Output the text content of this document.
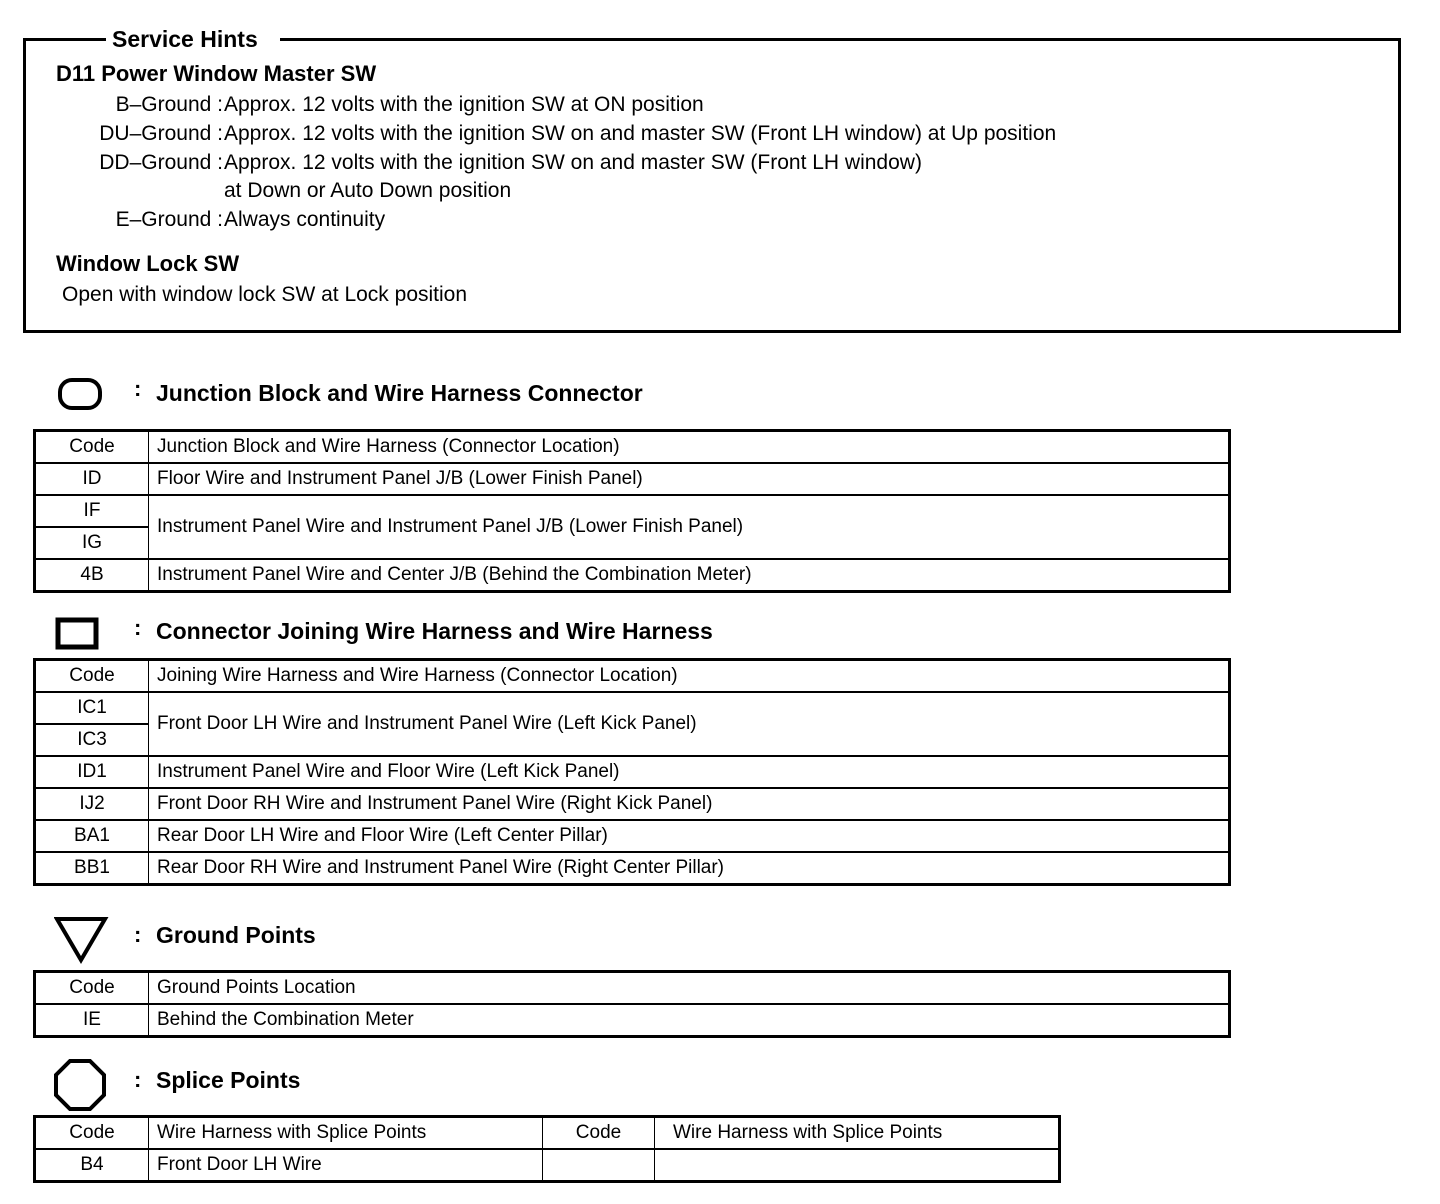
Service Hints
D11 Power Window Master SW
B–Ground : Approx. 12 volts with the ignition SW at ON position
DU–Ground : Approx. 12 volts with the ignition SW on and master SW (Front LH window) at Up position
DD–Ground : Approx. 12 volts with the ignition SW on and master SW (Front LH window)
at Down or Auto Down position
E–Ground : Always continuity
Window Lock SW
Open with window lock SW at Lock position
: Junction Block and Wire Harness Connector
Code	Junction Block and Wire Harness (Connector Location)
ID	Floor Wire and Instrument Panel J/B (Lower Finish Panel)
IF	Instrument Panel Wire and Instrument Panel J/B (Lower Finish Panel)
IG	
4B	Instrument Panel Wire and Center J/B (Behind the Combination Meter)
: Connector Joining Wire Harness and Wire Harness
Code	Joining Wire Harness and Wire Harness (Connector Location)
IC1	Front Door LH Wire and Instrument Panel Wire (Left Kick Panel)
IC3	
ID1	Instrument Panel Wire and Floor Wire (Left Kick Panel)
IJ2	Front Door RH Wire and Instrument Panel Wire (Right Kick Panel)
BA1	Rear Door LH Wire and Floor Wire (Left Center Pillar)
BB1	Rear Door RH Wire and Instrument Panel Wire (Right Center Pillar)
: Ground Points
Code	Ground Points Location
IE	Behind the Combination Meter
: Splice Points
Code	Wire Harness with Splice Points	Code	Wire Harness with Splice Points
B4	Front Door LH Wire		
